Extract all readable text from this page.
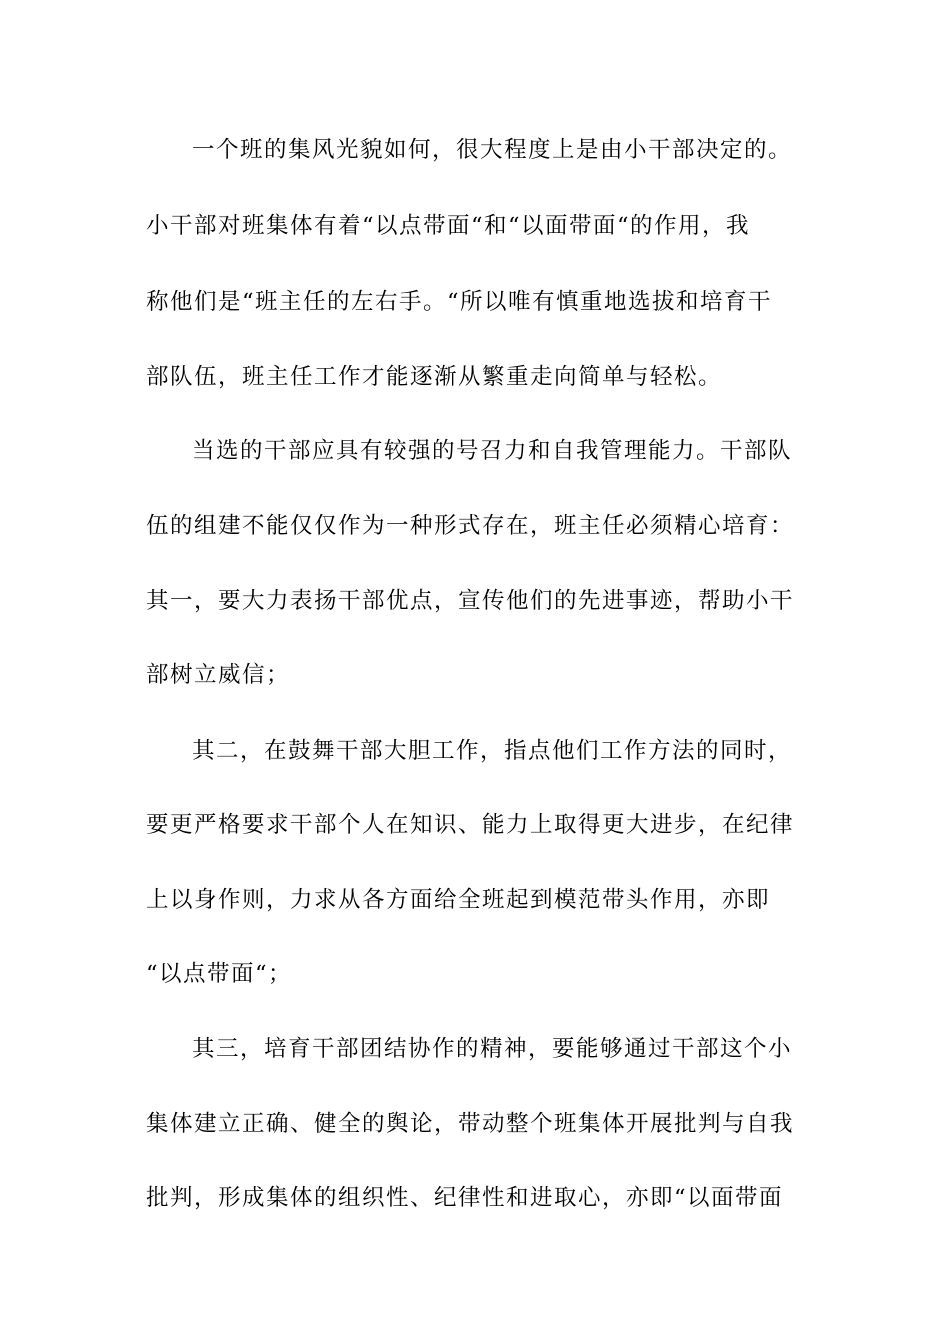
一个班的集风光貌如何，很大程度上是由小干部决定的。
小干部对班集体有着“以点带面“和“以面带面“的作用，我
称他们是“班主任的左右手。“所以唯有慎重地选拔和培育干
部队伍，班主任工作才能逐渐从繁重走向简单与轻松。
当选的干部应具有较强的号召力和自我管理能力。干部队
伍的组建不能仅仅作为一种形式存在，班主任必须精心培育：
其一，要大力表扬干部优点，宣传他们的先进事迹，帮助小干
部树立威信；
其二，在鼓舞干部大胆工作，指点他们工作方法的同时，
要更严格要求干部个人在知识、能力上取得更大进步，在纪律
上以身作则，力求从各方面给全班起到模范带头作用，亦即
“以点带面“；
其三，培育干部团结协作的精神，要能够通过干部这个小
集体建立正确、健全的舆论，带动整个班集体开展批判与自我
批判，形成集体的组织性、纪律性和进取心，亦即“以面带面
